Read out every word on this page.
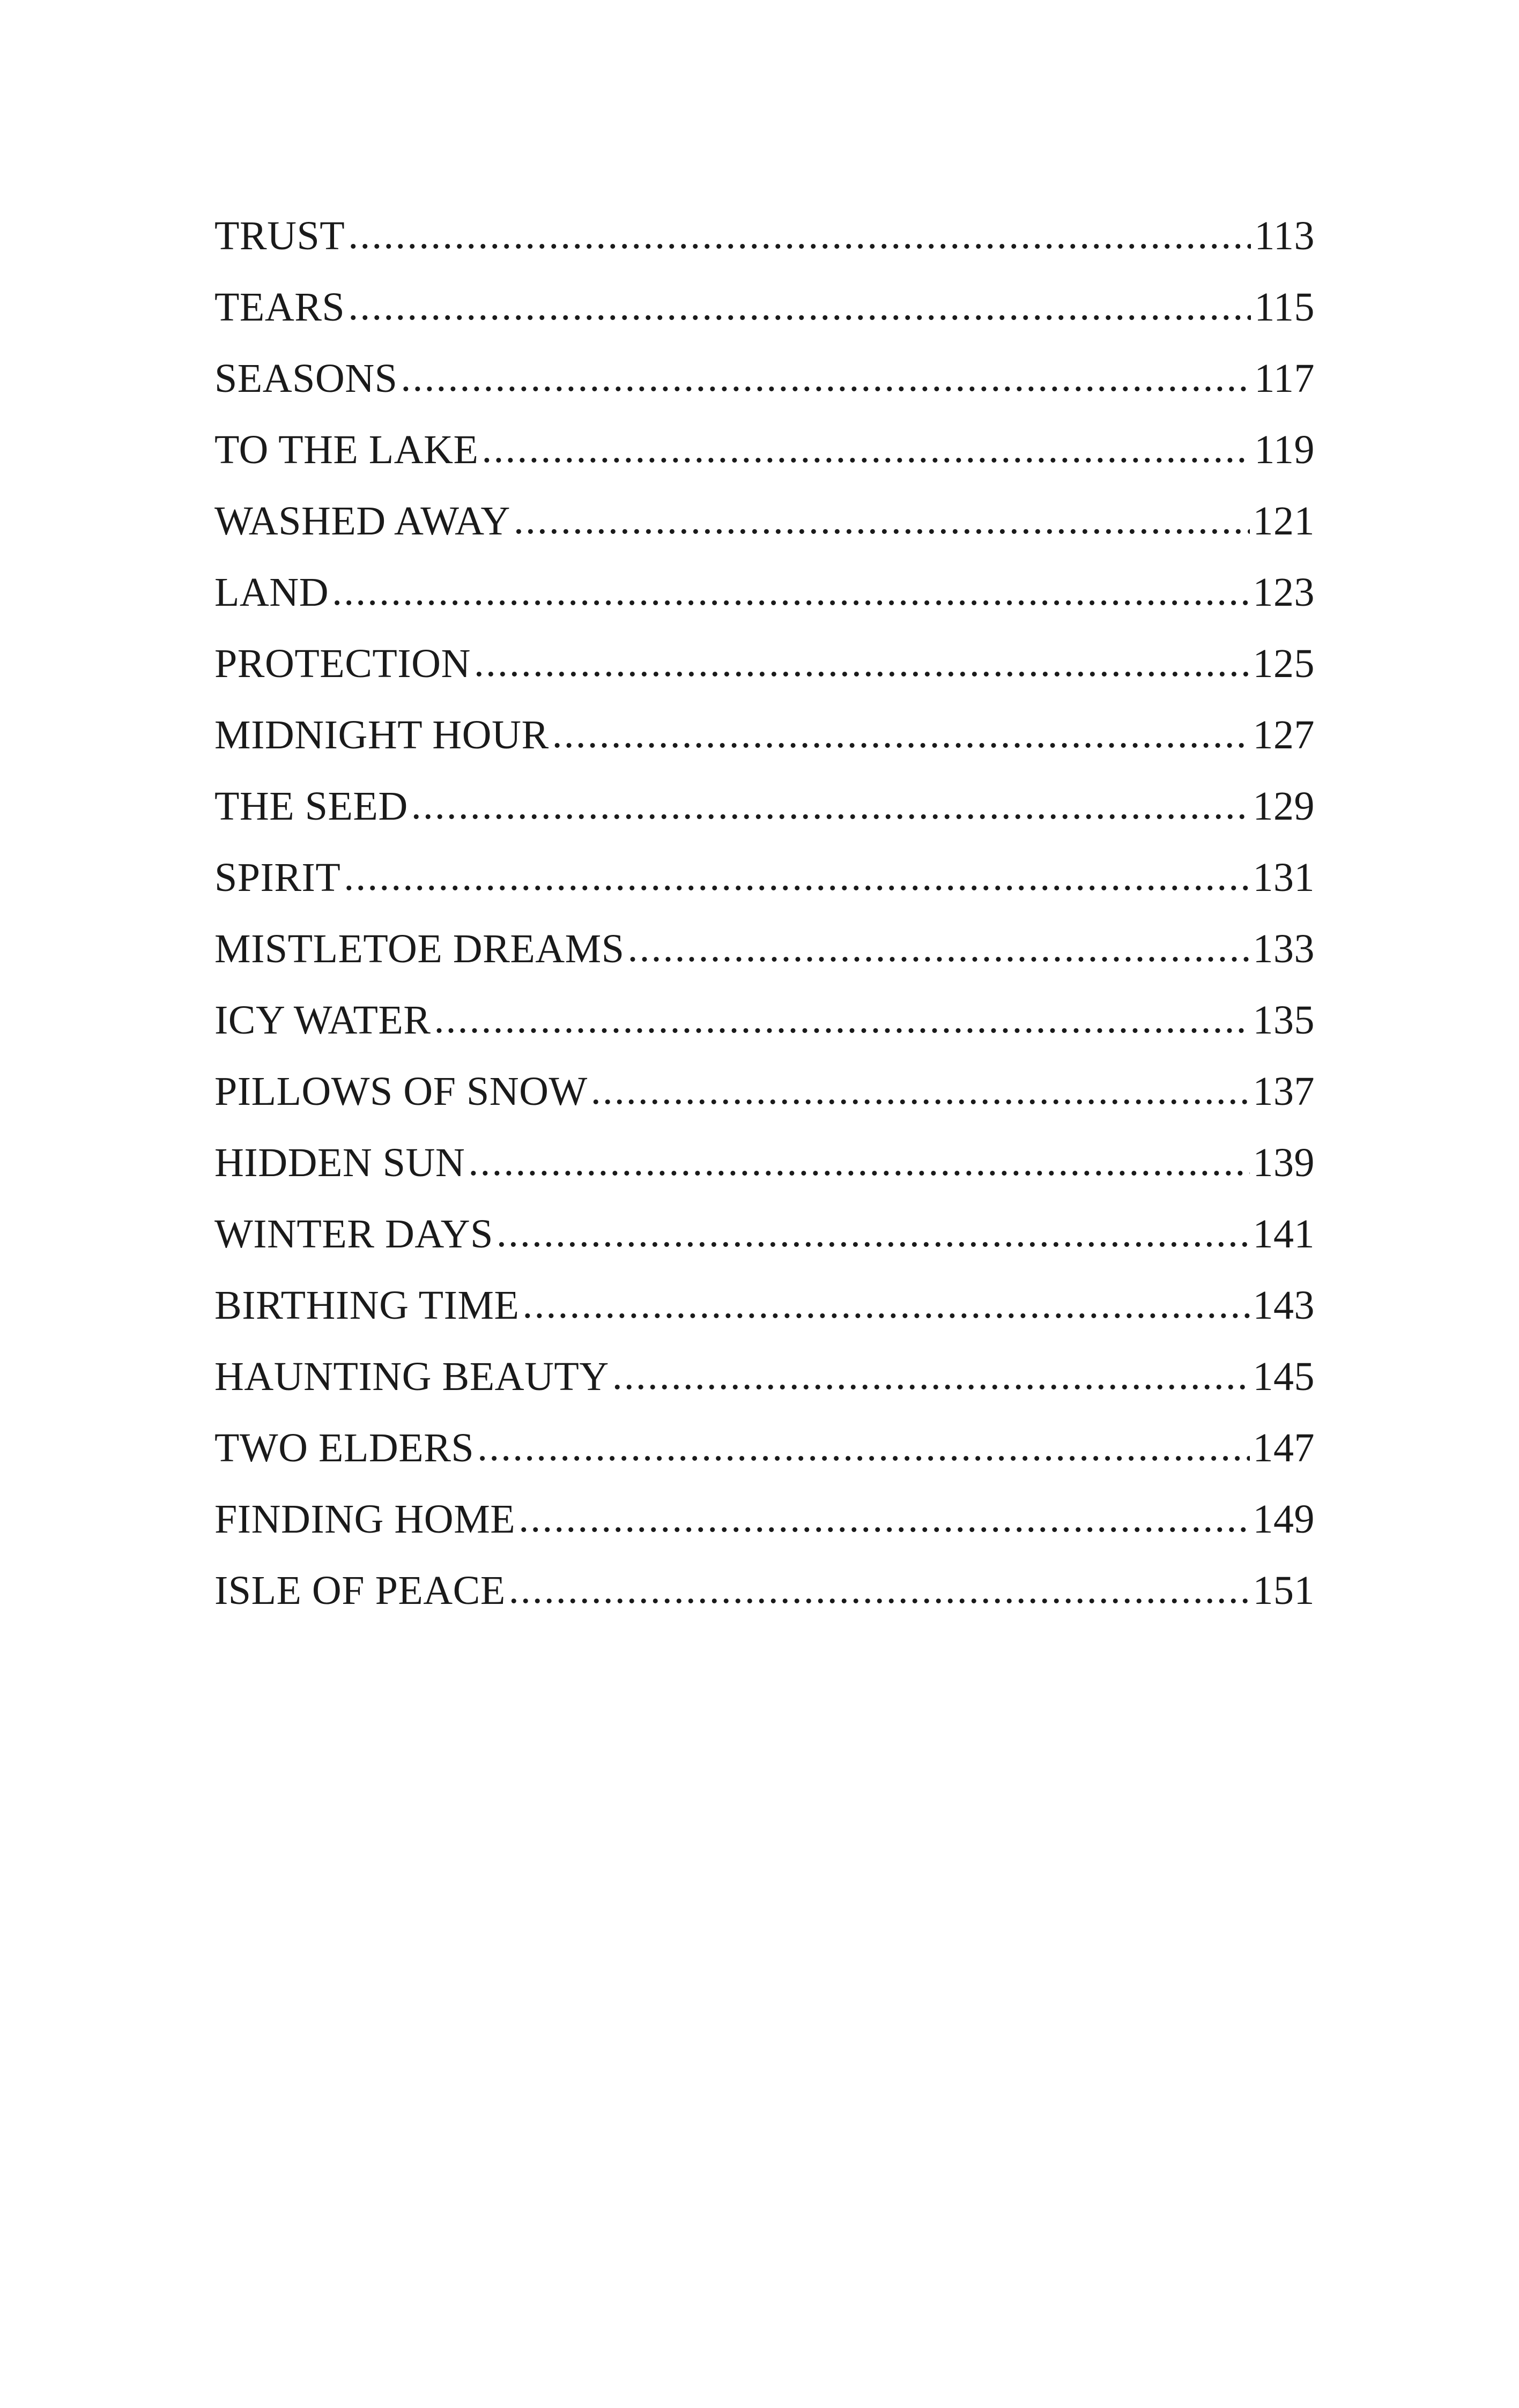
TRUST .....	113
TEARS .....	115
SEASONS .....	117
TO THE LAKE .....	119
WASHED AWAY .....	121
LAND .....	123
PROTECTION .....	125
MIDNIGHT HOUR .....	127
THE SEED .....	129
SPIRIT .....	131
MISTLETOE DREAMS .....	133
ICY WATER .....	135
PILLOWS OF SNOW .....	137
HIDDEN SUN .....	139
WINTER DAYS .....	141
BIRTHING TIME .....	143
HAUNTING BEAUTY .....	145
TWO ELDERS .....	147
FINDING HOME .....	149
ISLE OF PEACE .....	151
